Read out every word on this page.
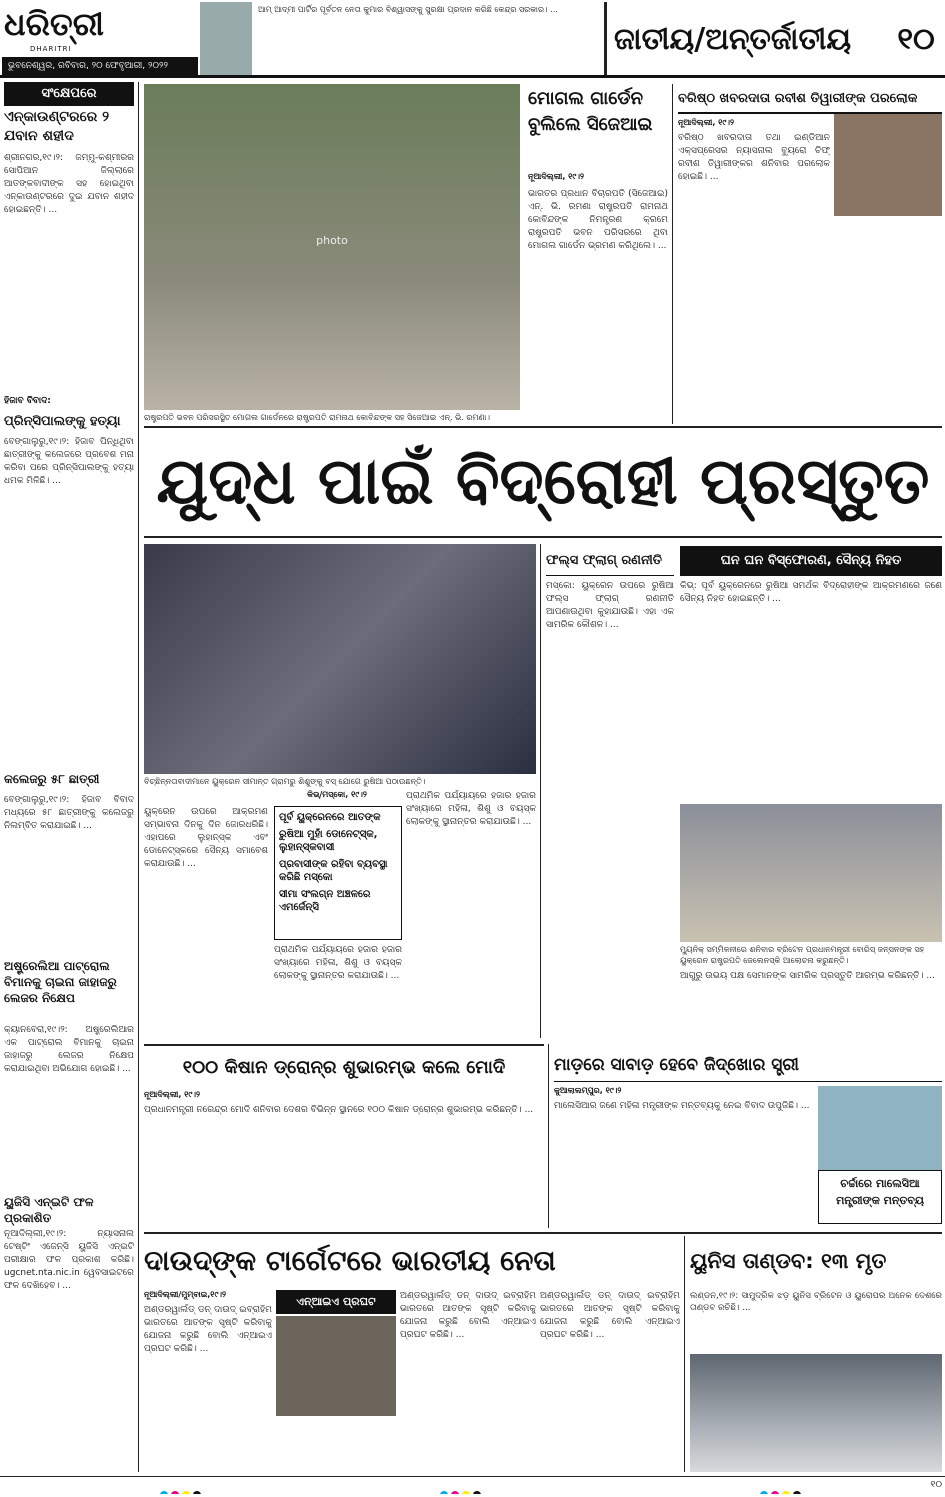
ଧରିତ୍ରୀ
DHARITRI
ଭୁବନେଶ୍ୱର, ରବିବାର, ୨୦ ଫେବୃଆରୀ, ୨୦୨୨
ଆମ୍ ଆଦ୍‌ମୀ ପାର୍ଟିର ପୂର୍ବତନ ନେତା କୁମାର ବିଶ୍ୱାସଙ୍କୁ ସୁରକ୍ଷା ପ୍ରଦାନ କରିଛି କେନ୍ଦ୍ର ସରକାର। ...
ଜାତୀୟ/ଅନ୍ତର୍ଜାତୀୟ	୧୦
ସଂକ୍ଷେପରେ
ଏନ୍‌କାଉଣ୍ଟରରେ ୨ ଯବାନ ଶହୀଦ
ଶ୍ରୀନଗର,୧୯।୨: ଜମ୍ମୁ-କଶ୍ମୀରର ସୋପିଆନ ଜିଲ୍ଲାରେ ଆତଙ୍କବାଦୀଙ୍କ ସହ ହୋଇଥିବା ଏନ୍‌କାଉଣ୍ଟରରେ ଦୁଇ ଯବାନ ଶହୀଦ ହୋଇଛନ୍ତି। ...
ହିଜାବ ବିବାଦ:
ପ୍ରିନ୍ସିପାଲଙ୍କୁ ହତ୍ୟା
ବେଙ୍ଗାଲୁରୁ,୧୯।୨: ହିଜାବ ପିନ୍ଧିଥିବା ଛାତ୍ରୀଙ୍କୁ କଲେଜରେ ପ୍ରବେଶ ମନା କରିବା ପରେ ପ୍ରିନ୍ସିପାଲଙ୍କୁ ହତ୍ୟା ଧମକ ମିଳିଛି। ...
କଲେଜରୁ ୫୮ ଛାତ୍ରୀ
ବେଙ୍ଗାଲୁରୁ,୧୯।୨: ହିଜାବ ବିବାଦ ମଧ୍ୟରେ ୫୮ ଛାତ୍ରୀଙ୍କୁ କଲେଜରୁ ନିଲମ୍ବିତ କରାଯାଇଛି। ...
ଅଷ୍ଟ୍ରେଲିଆ ପାଟ୍ରୋଲ ବିମାନକୁ ଚାଇନା ଜାହାଜରୁ ଲେଜର ନିକ୍ଷେପ
କ୍ୟାନବେରା,୧୯।୨: ଅଷ୍ଟ୍ରେଲିଆର ଏକ ପାଟ୍ରୋଲ ବିମାନକୁ ଚାଇନା ଜାହାଜରୁ ଲେଜର ନିକ୍ଷେପ କରାଯାଇଥିବା ଅଭିଯୋଗ ହୋଇଛି। ...
ୟୁଜିସି ଏନ୍‌ଇଟି ଫଳ ପ୍ରକାଶିତ
ନୂଆଦିଲ୍ଲୀ,୧୯।୨: ନ୍ୟାସନାଲ ଟେଷ୍ଟିଂ ଏଜେନ୍ସି ୟୁଜିସି ଏନ୍‌ଇଟି ପରୀକ୍ଷାର ଫଳ ପ୍ରକାଶ କରିଛି। ugcnet.nta.nic.in ୱେବସାଇଟରେ ଫଳ ଦେଖିହେବ। ...
photo
ମୋଗଲ ଗାର୍ଡେନ ବୁଲିଲେ ସିଜେଆଇ
ନୂଆଦିଲ୍ଲୀ, ୧୯।୨
ଭାରତର ପ୍ରଧାନ ବିଚାରପତି (ସିଜେଆଇ) ଏନ୍. ଭି. ରମଣା ରାଷ୍ଟ୍ରପତି ରାମନାଥ କୋବିନ୍ଦଙ୍କ ନିମନ୍ତ୍ରଣ କ୍ରମେ ରାଷ୍ଟ୍ରପତି ଭବନ ପରିସରରେ ଥିବା ମୋଗଲ ଗାର୍ଡେନ ଭ୍ରମଣ କରିଥିଲେ। ...
ରାଷ୍ଟ୍ରପତି ଭବନ ପରିସରସ୍ଥିତ ମୋଗଲ ଗାର୍ଡେନରେ ରାଷ୍ଟ୍ରପତି ରାମନାଥ କୋବିନ୍ଦଙ୍କ ସହ ସିଜେଆଇ ଏନ୍. ଭି. ରମଣା।
ବରିଷ୍ଠ ଖବରଦାତା ରବୀଶ ତିୱାରୀଙ୍କ ପରଲୋକ
ନୂଆଦିଲ୍ଲୀ, ୧୯।୨
ବରିଷ୍ଠ ଖବରଦାତା ତଥା ଇଣ୍ଡିଆନ ଏକ୍ସପ୍ରେସର ନ୍ୟାସନାଲ ବ୍ୟୁରୋ ଚିଫ୍ ରବୀଶ ତିୱାରୀଙ୍କର ଶନିବାର ପରଲୋକ ହୋଇଛି। ...
ଯୁଦ୍ଧ ପାଇଁ ବିଦ୍ରୋହୀ ପ୍ରସ୍ତୁତ
ବିଚ୍ଛିନ୍ନତାବାଦୀମାନେ ୟୁକ୍ରେନ ସୀମାନ୍ତ ଗ୍ରାମରୁ ଶିଶୁଙ୍କୁ ବସ୍ ଯୋଗେ ରୁଷିଆ ପଠାଉଛନ୍ତି।
କିଭ୍/ମସ୍କୋ, ୧୯।୨
ୟୁକ୍ରେନ ଉପରେ ଆକ୍ରମଣ ସମ୍ଭାବନା ଦିନକୁ ଦିନ ଜୋରଧରିଛି। ଏହାପରେ ଲୁହାନ୍‌ସ୍କ ଏବଂ ଡୋନେଟ୍‌ସ୍କରେ ସୈନ୍ୟ ସମାବେଶ କରାଯାଉଛି। ...
ପୂର୍ବ ୟୁକ୍ରେନରେ ଆତଙ୍କ
ରୁଷିଆ ମୁହାଁ ଡୋନେଟ୍‌ସ୍କ, ଲୁହାନ୍‌ସ୍କବାସୀ
ପ୍ରବାସୀଙ୍କ ରହିବା ବ୍ୟବସ୍ଥା କରିଛି ମସ୍କୋ
ସୀମା ସଂଲଗ୍ନ ଅଞ୍ଚଳରେ ଏମର୍ଜେନ୍ସି
ପ୍ରାଥମିକ ପର୍ଯ୍ୟାୟରେ ହଜାର ହଜାର ସଂଖ୍ୟାରେ ମହିଳା, ଶିଶୁ ଓ ବୟସ୍କ ଲୋକଙ୍କୁ ସ୍ଥାନାନ୍ତର କରାଯାଉଛି। ...
ପ୍ରାଥମିକ ପର୍ଯ୍ୟାୟରେ ହଜାର ହଜାର ସଂଖ୍ୟାରେ ମହିଳା, ଶିଶୁ ଓ ବୟସ୍କ ଲୋକଙ୍କୁ ସ୍ଥାନାନ୍ତର କରାଯାଉଛି। ...
ଫଲ୍‌ସ ଫ୍ଲାଗ୍ ରଣନୀତି
ମସ୍କୋ: ୟୁକ୍ରେନ ଉପରେ ରୁଷିଆ ଫଲ୍‌ସ ଫ୍ଲାଗ୍ ରଣନୀତି ଆପଣାଉଥିବା କୁହାଯାଉଛି। ଏହା ଏକ ସାମରିକ କୌଶଳ। ...
ଘନ ଘନ ବିସ୍ଫୋରଣ, ସୈନ୍ୟ ନିହତ
କିଭ୍: ପୂର୍ବ ୟୁକ୍ରେନରେ ରୁଷିଆ ସମର୍ଥକ ବିଦ୍ରୋହୀଙ୍କ ଆକ୍ରମଣରେ ଜଣେ ସୈନ୍ୟ ନିହତ ହୋଇଛନ୍ତି। ...
ମ୍ୟୁନିକ୍ ସମ୍ମିଳନୀରେ ଶନିବାର ବ୍ରିଟେନ ପ୍ରଧାନମନ୍ତ୍ରୀ ବୋରିସ୍ ଜନ୍‌ସନଙ୍କ ସହ ୟୁକ୍ରେନ ରାଷ୍ଟ୍ରପତି ଜେଲେନସ୍କି ଆଲୋଚନା କରୁଛନ୍ତି।
ଆଗୁରୁ ଉଭୟ ପକ୍ଷ ସେମାନଙ୍କ ସାମରିକ ପ୍ରସ୍ତୁତି ଆରମ୍ଭ କରିଛନ୍ତି। ...
୧୦୦ କିଷାନ ଡ୍ରୋନ୍‌ର ଶୁଭାରମ୍ଭ କଲେ ମୋଦି
ନୂଆଦିଲ୍ଲୀ, ୧୯।୨
ପ୍ରଧାନମନ୍ତ୍ରୀ ନରେନ୍ଦ୍ର ମୋଦି ଶନିବାର ଦେଶର ବିଭିନ୍ନ ସ୍ଥାନରେ ୧୦୦ କିଷାନ ଡ୍ରୋନ୍‌ର ଶୁଭାରମ୍ଭ କରିଛନ୍ତି। ...
ମାଡ଼ରେ ସାବାଡ଼ ହେବେ ଜିଦ୍‌ଖୋର ସ୍ତ୍ରୀ
କୁଆଲାଲମ୍ପୁର, ୧୯।୨
ମାଲେସିଆର ଜଣେ ମହିଳା ମନ୍ତ୍ରୀଙ୍କ ମନ୍ତବ୍ୟକୁ ନେଇ ବିବାଦ ଉପୁଜିଛି। ...
ଚର୍ଚ୍ଚାରେ ମାଲେସିଆ ମନ୍ତ୍ରୀଙ୍କ ମନ୍ତବ୍ୟ
ଦାଉଦ୍‌ଙ୍କ ଟାର୍ଗେଟରେ ଭାରତୀୟ ନେତା
ନୂଆଦିଲ୍ଲୀ/ମୁମ୍ବାଇ,୧୯।୨
ଏନ୍‌ଆଇଏ ପ୍ରଘଟ
ଅଣ୍ଡରୱାର୍ଲଡ୍ ଡନ୍ ଦାଉଦ୍ ଇବ୍ରାହିମ ଭାରତରେ ଆତଙ୍କ ସୃଷ୍ଟି କରିବାକୁ ଯୋଜନା କରୁଛି ବୋଲି ଏନ୍‌ଆଇଏ ପ୍ରଘଟ କରିଛି। ...
ଅଣ୍ଡରୱାର୍ଲଡ୍ ଡନ୍ ଦାଉଦ୍ ଇବ୍ରାହିମ ଭାରତରେ ଆତଙ୍କ ସୃଷ୍ଟି କରିବାକୁ ଯୋଜନା କରୁଛି ବୋଲି ଏନ୍‌ଆଇଏ ପ୍ରଘଟ କରିଛି। ...
ଅଣ୍ଡରୱାର୍ଲଡ୍ ଡନ୍ ଦାଉଦ୍ ଇବ୍ରାହିମ ଭାରତରେ ଆତଙ୍କ ସୃଷ୍ଟି କରିବାକୁ ଯୋଜନା କରୁଛି ବୋଲି ଏନ୍‌ଆଇଏ ପ୍ରଘଟ କରିଛି। ...
ୟୁନିସ ତାଣ୍ଡବ: ୧୩ ମୃତ
ଲଣ୍ଡନ,୧୯।୨: ସାମୁଦ୍ରିକ ଝଡ଼ ୟୁନିସ ବ୍ରିଟେନ ଓ ୟୁରୋପର ଅନେକ ଦେଶରେ ତାଣ୍ଡବ ରଚିଛି। ...
୧୦
